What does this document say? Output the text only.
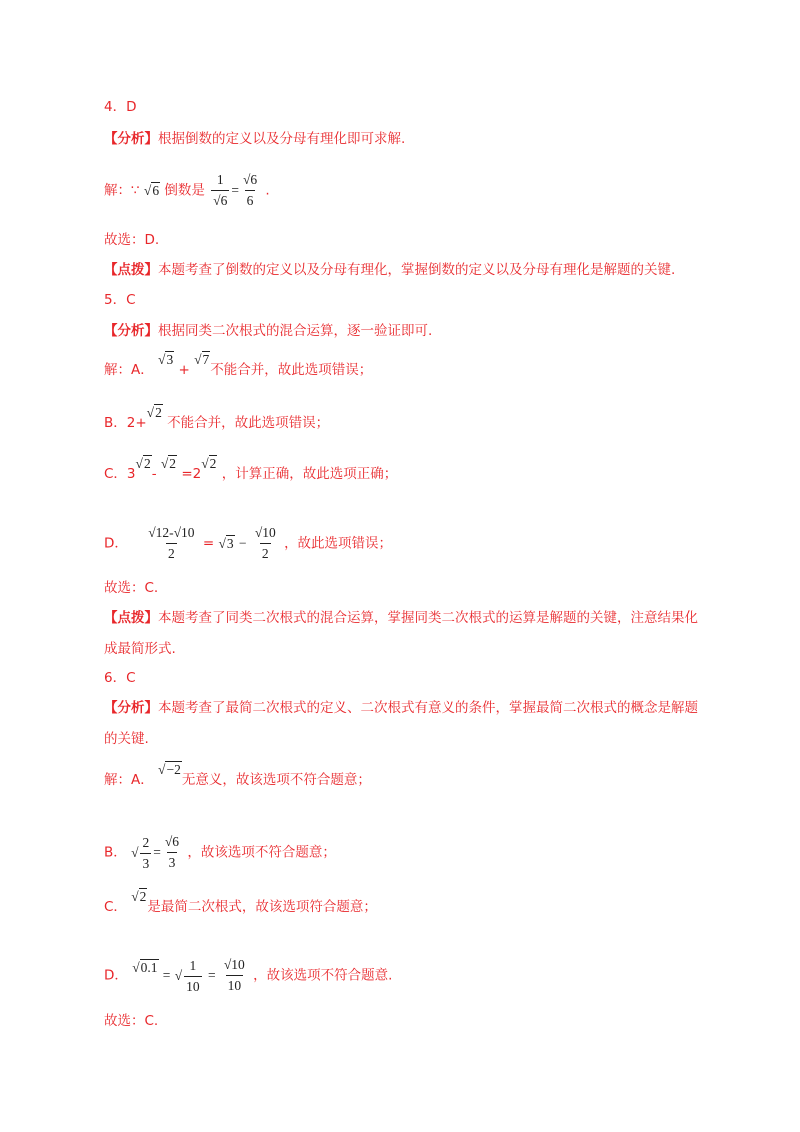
4．D
【分析】根据倒数的定义以及分母有理化即可求解.
解：∵ √6 倒数是 $\frac{1}{√6} = \frac{√6}{6}$ .
故选：D.
【点拨】本题考查了倒数的定义以及分母有理化，掌握倒数的定义以及分母有理化是解题的关键.
5．C
【分析】根据同类二次根式的混合运算，逐一验证即可.
解：A． √3 + √7不能合并，故此选项错误；
B．2+√2 不能合并，故此选项错误；
C．3√2- √2 =2√2 ，计算正确，故此选项正确；
D． $\frac{√12-√10}{2} = √3 - \frac{√10}{2}$ ，故此选项错误；
故选：C.
【点拨】本题考查了同类二次根式的混合运算，掌握同类二次根式的运算是解题的关键，注意结果化
成最简形式.
6．C
【分析】本题考查了最简二次根式的定义、二次根式有意义的条件，掌握最简二次根式的概念是解题
的关键.
解：A． √−2无意义，故该选项不符合题意；
B． √ $\frac{2}{3} = \frac{√6}{3}$ ，故该选项不符合题意；
C． √2是最简二次根式，故该选项符合题意；
D． √0.1 = √ $\frac{1}{10} = \frac{√10}{10}$ ，故该选项不符合题意.
故选：C.
